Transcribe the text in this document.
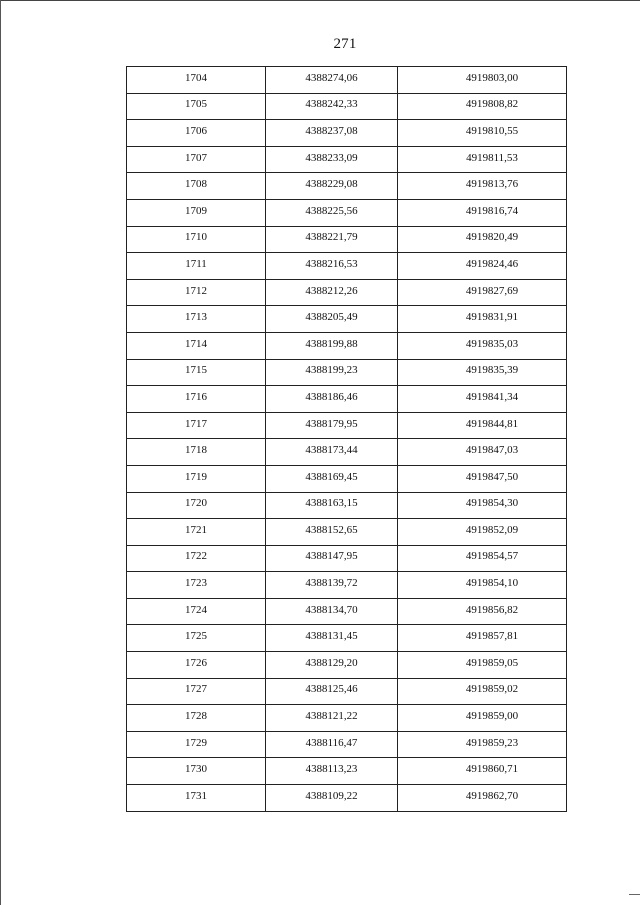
271
1704	4388274,06	4919803,00
1705	4388242,33	4919808,82
1706	4388237,08	4919810,55
1707	4388233,09	4919811,53
1708	4388229,08	4919813,76
1709	4388225,56	4919816,74
1710	4388221,79	4919820,49
1711	4388216,53	4919824,46
1712	4388212,26	4919827,69
1713	4388205,49	4919831,91
1714	4388199,88	4919835,03
1715	4388199,23	4919835,39
1716	4388186,46	4919841,34
1717	4388179,95	4919844,81
1718	4388173,44	4919847,03
1719	4388169,45	4919847,50
1720	4388163,15	4919854,30
1721	4388152,65	4919852,09
1722	4388147,95	4919854,57
1723	4388139,72	4919854,10
1724	4388134,70	4919856,82
1725	4388131,45	4919857,81
1726	4388129,20	4919859,05
1727	4388125,46	4919859,02
1728	4388121,22	4919859,00
1729	4388116,47	4919859,23
1730	4388113,23	4919860,71
1731	4388109,22	4919862,70
